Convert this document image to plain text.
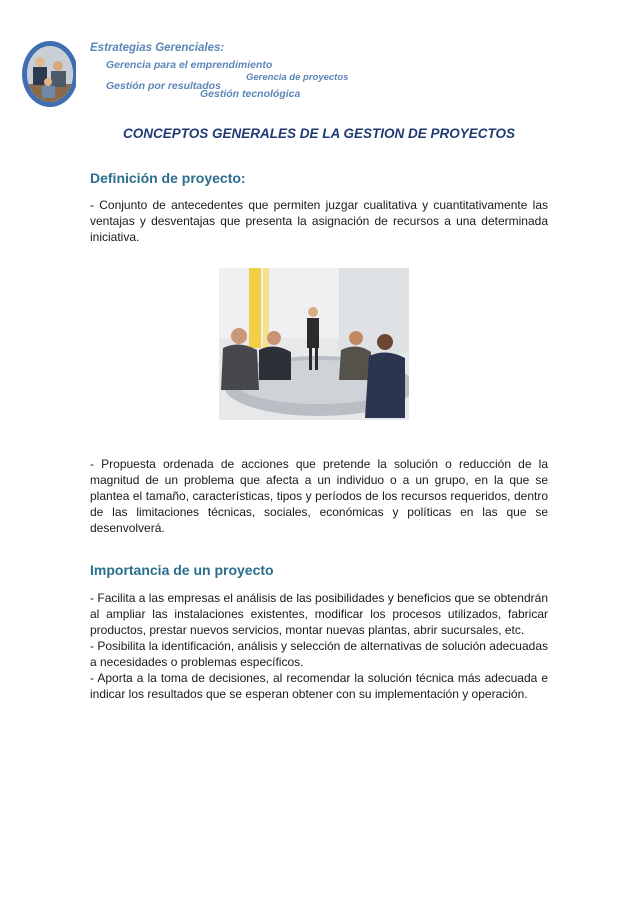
Estrategias Gerenciales:
Gerencia para el emprendimiento
Gerencia de proyectos
Gestión por resultados
Gestión tecnológica
CONCEPTOS GENERALES DE LA GESTION DE PROYECTOS
Definición de proyecto:

- Conjunto de antecedentes que permiten juzgar cualitativa y cuantitativamente las ventajas y desventajas que presenta la asignación de recursos a una determinada iniciativa.

- Propuesta ordenada de acciones que pretende la solución o reducción de la magnitud de un problema que afecta a un individuo o a un grupo, en la que se plantea el tamaño, características, tipos y períodos de los recursos requeridos, dentro de las limitaciones técnicas, sociales, económicas y políticas en las que se desenvolverá.

Importancia de un proyecto

- Facilita a las empresas el análisis de las posibilidades y beneficios que se obtendrán al ampliar las instalaciones existentes, modificar los procesos utilizados, fabricar productos, prestar nuevos servicios, montar nuevas plantas, abrir sucursales, etc.

- Posibilita la identificación, análisis y selección de alternativas de solución adecuadas a necesidades o problemas específicos.

- Aporta a la toma de decisiones, al recomendar la solución técnica más adecuada e indicar los resultados que se esperan obtener con su implementación y operación.
